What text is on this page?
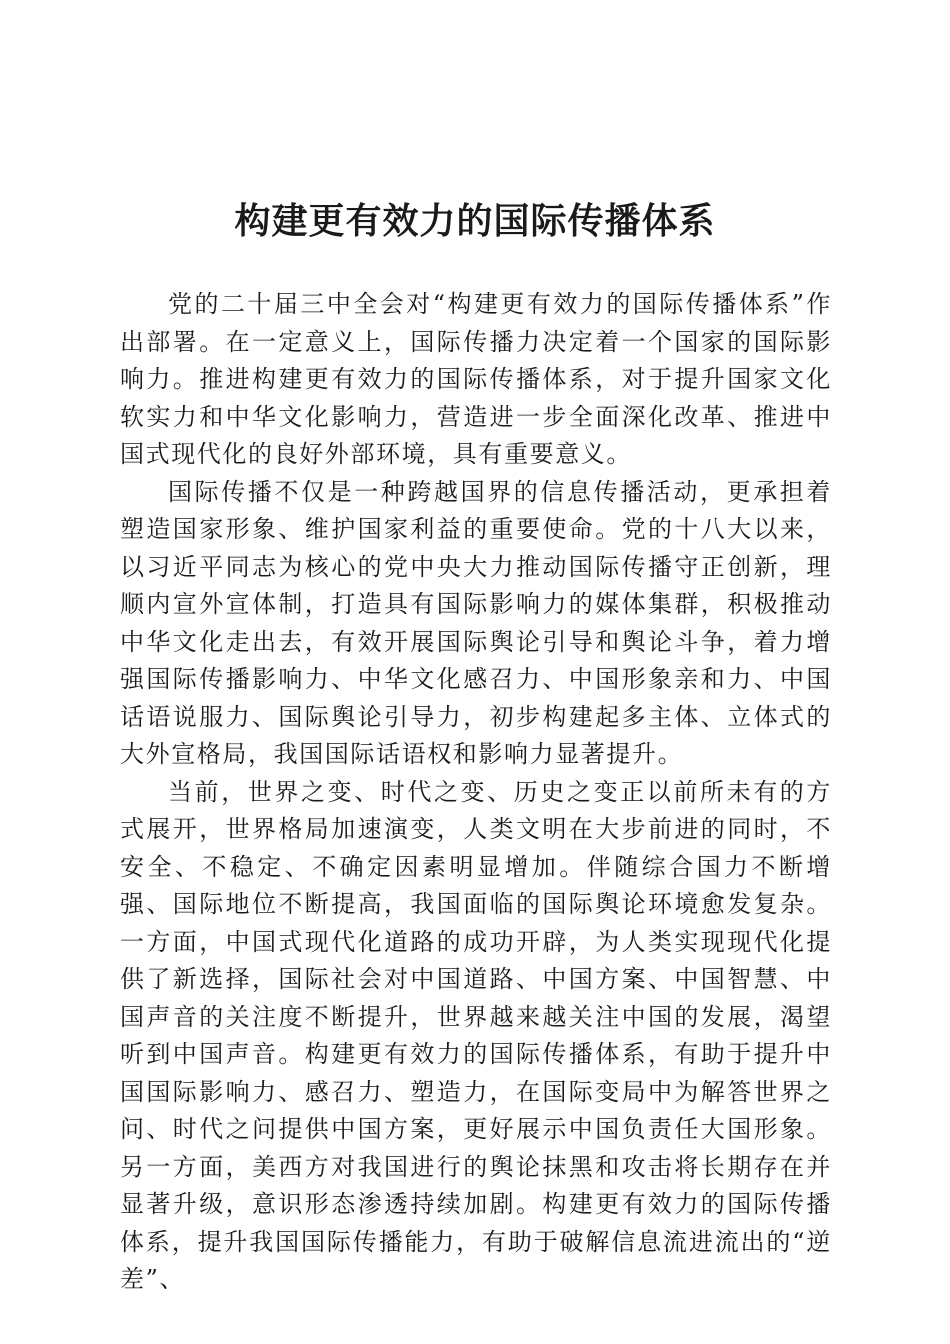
构建更有效力的国际传播体系

党的二十届三中全会对“构建更有效力的国际传播体系”作出部署。在一定意义上，国际传播力决定着一个国家的国际影响力。推进构建更有效力的国际传播体系，对于提升国家文化软实力和中华文化影响力，营造进一步全面深化改革、推进中国式现代化的良好外部环境，具有重要意义。

国际传播不仅是一种跨越国界的信息传播活动，更承担着塑造国家形象、维护国家利益的重要使命。党的十八大以来，以习近平同志为核心的党中央大力推动国际传播守正创新，理顺内宣外宣体制，打造具有国际影响力的媒体集群，积极推动中华文化走出去，有效开展国际舆论引导和舆论斗争，着力增强国际传播影响力、中华文化感召力、中国形象亲和力、中国话语说服力、国际舆论引导力，初步构建起多主体、立体式的大外宣格局，我国国际话语权和影响力显著提升。

当前，世界之变、时代之变、历史之变正以前所未有的方式展开，世界格局加速演变，人类文明在大步前进的同时，不安全、不稳定、不确定因素明显增加。伴随综合国力不断增强、国际地位不断提高，我国面临的国际舆论环境愈发复杂。一方面，中国式现代化道路的成功开辟，为人类实现现代化提供了新选择，国际社会对中国道路、中国方案、中国智慧、中国声音的关注度不断提升，世界越来越关注中国的发展，渴望听到中国声音。构建更有效力的国际传播体系，有助于提升中国国际影响力、感召力、塑造力，在国际变局中为解答世界之问、时代之问提供中国方案，更好展示中国负责任大国形象。另一方面，美西方对我国进行的舆论抹黑和攻击将长期存在并显著升级，意识形态渗透持续加剧。构建更有效力的国际传播体系，提升我国国际传播能力，有助于破解信息流进流出的“逆差”、
